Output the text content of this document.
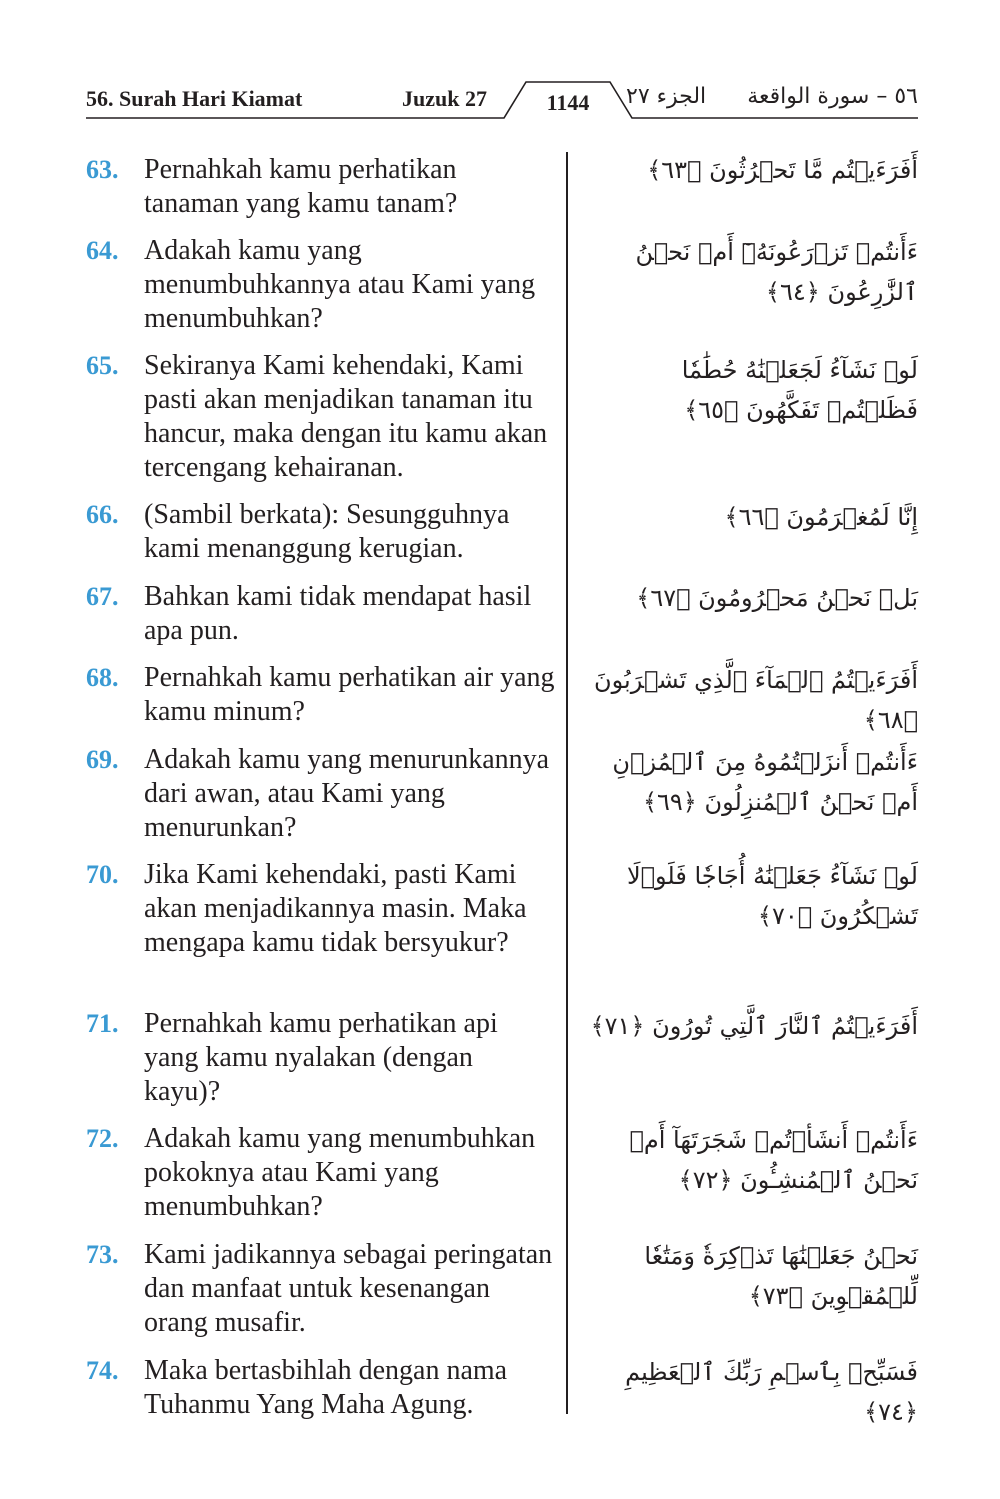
56. Surah Hari Kiamat	Juzuk 27	1144	الجزء ٢٧ ٥٦ – سورة الواقعة
63. Pernahkah kamu perhatikan tanaman yang kamu tanam?
أَفَرَءَيۡتُم مَّا تَحۡرُثُونَ ﴿٦٣﴾
64. Adakah kamu yang menumbuhkannya atau Kami yang menumbuhkan?
ءَأَنتُمۡ تَزۡرَعُونَهُۥٓ أَمۡ نَحۡنُ ٱلزَّٰرِعُونَ ﴿٦٤﴾
65. Sekiranya Kami kehendaki, Kami pasti akan menjadikan tanaman itu hancur, maka dengan itu kamu akan tercengang kehairanan.
لَوۡ نَشَآءُ لَجَعَلۡنَٰهُ حُطَٰمٗا فَظَلۡتُمۡ تَفَكَّهُونَ ﴿٦٥﴾
66. (Sambil berkata): Sesungguhnya kami menanggung kerugian.
إِنَّا لَمُغۡرَمُونَ ﴿٦٦﴾
67. Bahkan kami tidak mendapat hasil apa pun.
بَلۡ نَحۡنُ مَحۡرُومُونَ ﴿٦٧﴾
68. Pernahkah kamu perhatikan air yang kamu minum?
أَفَرَءَيۡتُمُ ٱلۡمَآءَ ٱلَّذِي تَشۡرَبُونَ ﴿٦٨﴾
69. Adakah kamu yang menurunkannya dari awan, atau Kami yang menurunkan?
ءَأَنتُمۡ أَنزَلۡتُمُوهُ مِنَ ٱلۡمُزۡنِ أَمۡ نَحۡنُ ٱلۡمُنزِلُونَ ﴿٦٩﴾
70. Jika Kami kehendaki, pasti Kami akan menjadikannya masin. Maka mengapa kamu tidak bersyukur?
لَوۡ نَشَآءُ جَعَلۡنَٰهُ أُجَاجٗا فَلَوۡلَا تَشۡكُرُونَ ﴿٧٠﴾
71. Pernahkah kamu perhatikan api yang kamu nyalakan (dengan kayu)?
أَفَرَءَيۡتُمُ ٱلنَّارَ ٱلَّتِي تُورُونَ ﴿٧١﴾
72. Adakah kamu yang menumbuhkan pokoknya atau Kami yang menumbuhkan?
ءَأَنتُمۡ أَنشَأۡتُمۡ شَجَرَتَهَآ أَمۡ نَحۡنُ ٱلۡمُنشِـُٔونَ ﴿٧٢﴾
73. Kami jadikannya sebagai peringatan dan manfaat untuk kesenangan orang musafir.
نَحۡنُ جَعَلۡنَٰهَا تَذۡكِرَةٗ وَمَتَٰعٗا لِّلۡمُقۡوِينَ ﴿٧٣﴾
74. Maka bertasbihlah dengan nama Tuhanmu Yang Maha Agung.
فَسَبِّحۡ بِٱسۡمِ رَبِّكَ ٱلۡعَظِيمِ ﴿٧٤﴾
